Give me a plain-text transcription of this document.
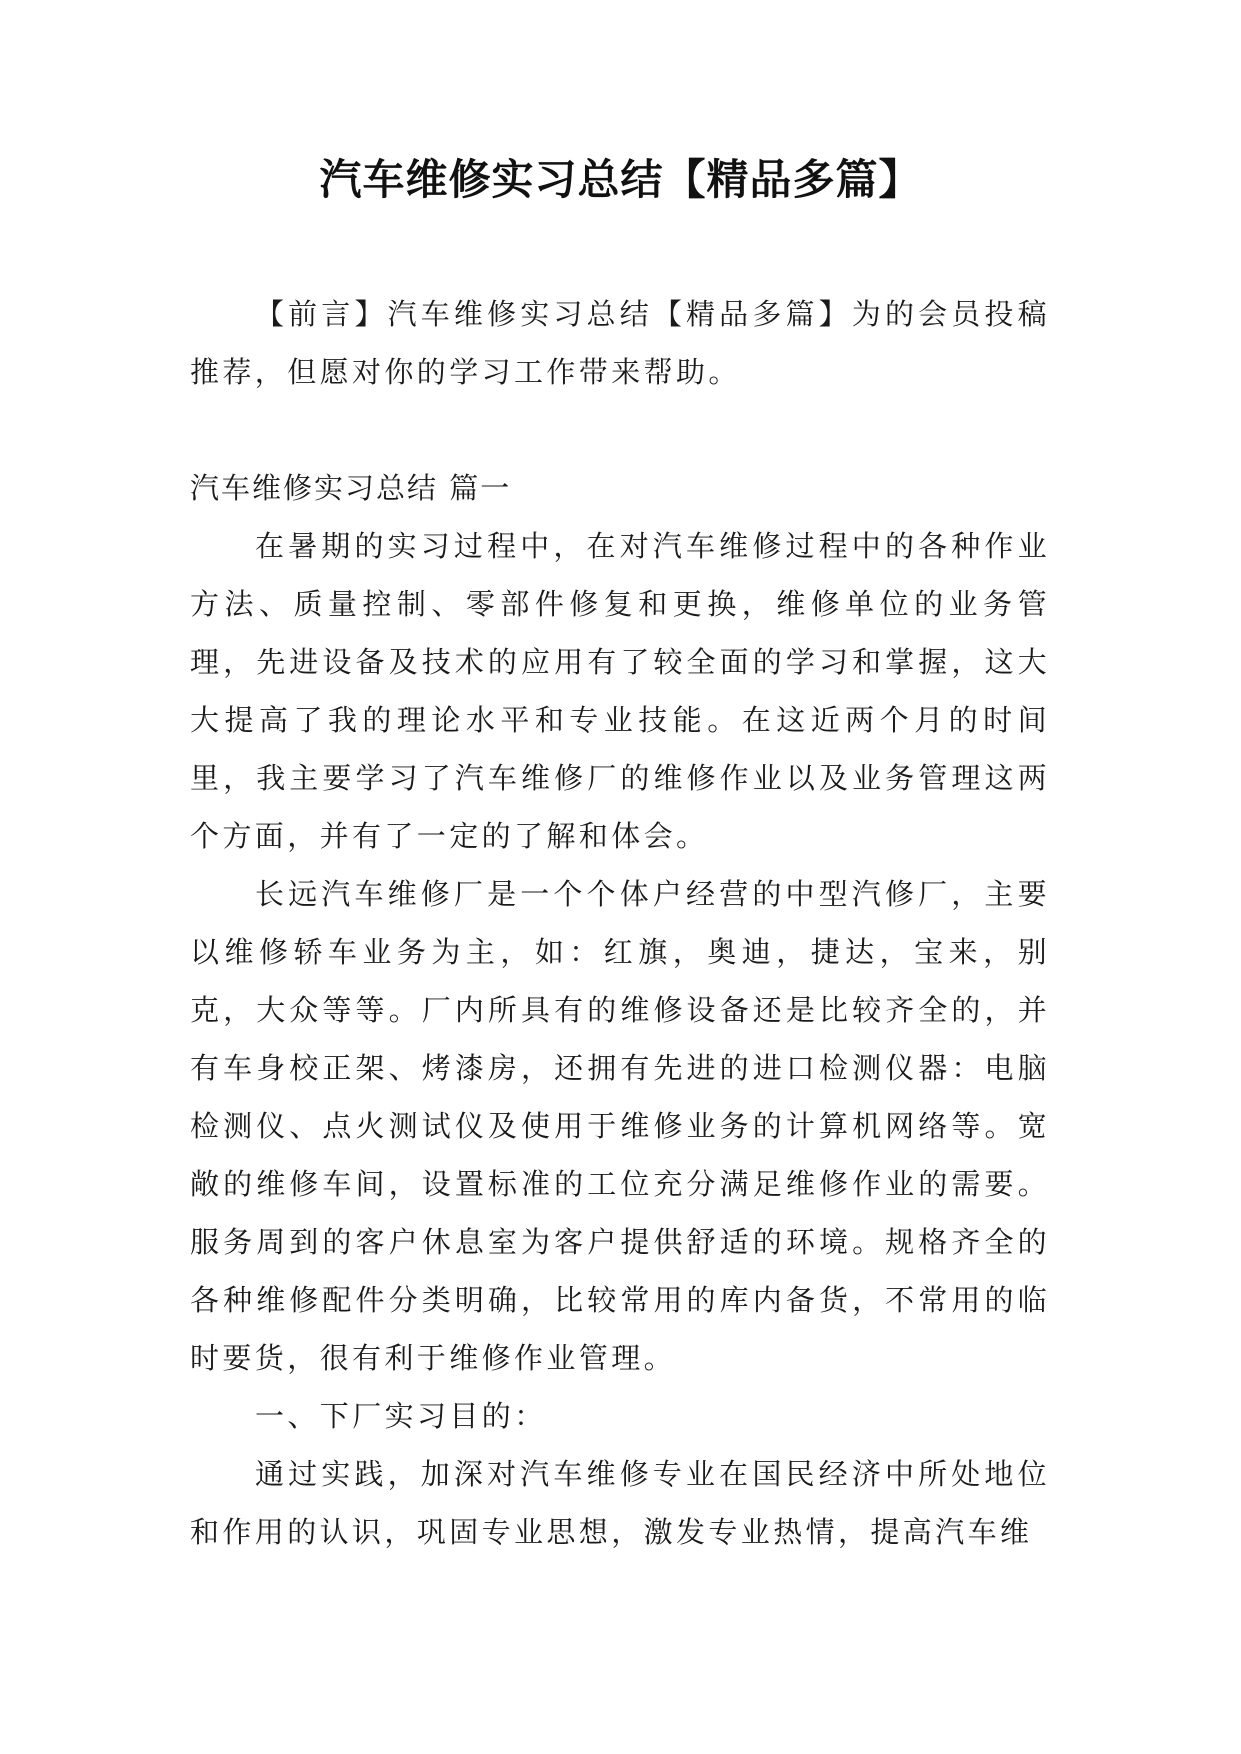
汽车维修实习总结【精品多篇】

【前言】汽车维修实习总结【精品多篇】为的会员投稿推荐，但愿对你的学习工作带来帮助。

汽车维修实习总结 篇一

在暑期的实习过程中，在对汽车维修过程中的各种作业方法、质量控制、零部件修复和更换，维修单位的业务管理，先进设备及技术的应用有了较全面的学习和掌握，这大大提高了我的理论水平和专业技能。在这近两个月的时间里，我主要学习了汽车维修厂的维修作业以及业务管理这两个方面，并有了一定的了解和体会。

长远汽车维修厂是一个个体户经营的中型汽修厂，主要以维修轿车业务为主，如：红旗，奥迪，捷达，宝来，别克，大众等等。厂内所具有的维修设备还是比较齐全的，并有车身校正架、烤漆房，还拥有先进的进口检测仪器：电脑检测仪、点火测试仪及使用于维修业务的计算机网络等。宽敞的维修车间，设置标准的工位充分满足维修作业的需要。服务周到的客户休息室为客户提供舒适的环境。规格齐全的各种维修配件分类明确，比较常用的库内备货，不常用的临时要货，很有利于维修作业管理。

一、下厂实习目的：

通过实践，加深对汽车维修专业在国民经济中所处地位和作用的认识，巩固专业思想，激发专业热情，提高汽车维
